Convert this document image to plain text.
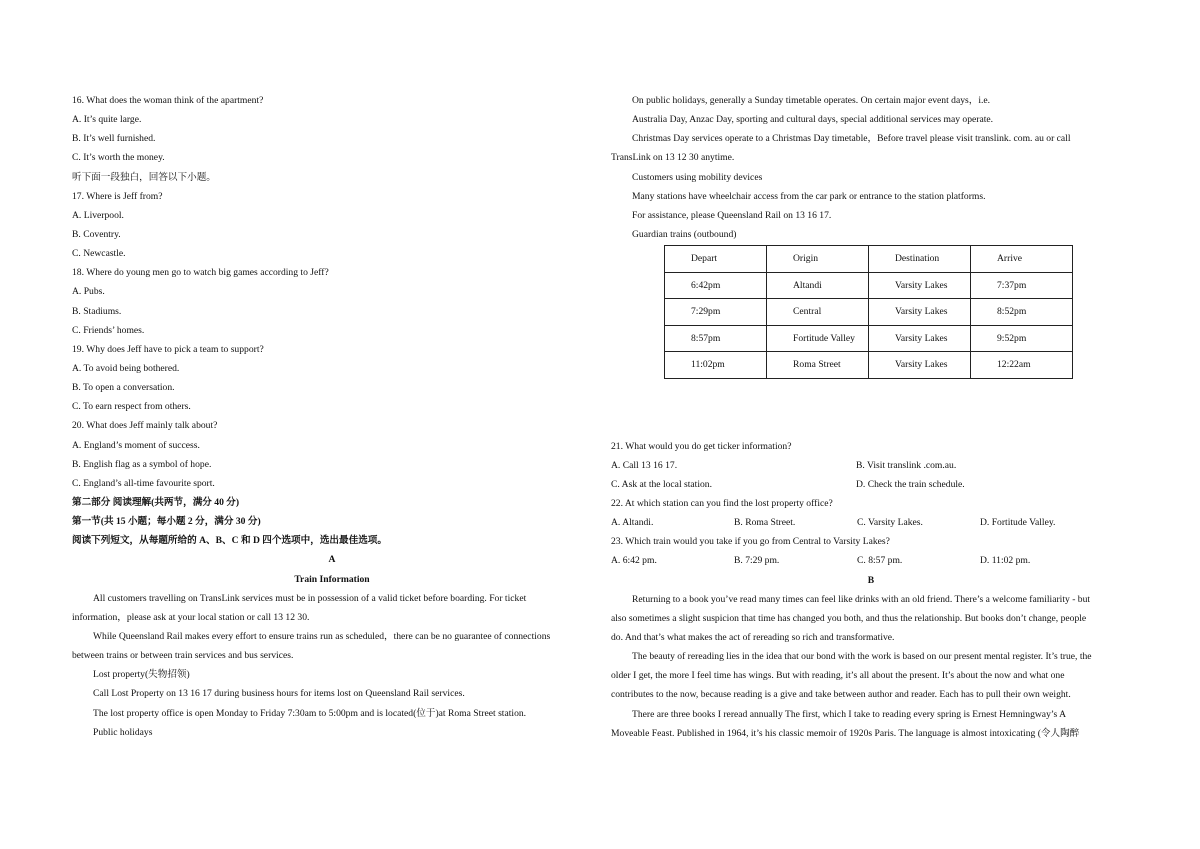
16. What does the woman think of the apartment?
A. It’s quite large.
B. It’s well furnished.
C. It’s worth the money.
听下面一段独白，回答以下小题。
17. Where is Jeff from?
A. Liverpool.
B. Coventry.
C. Newcastle.
18. Where do young men go to watch big games according to Jeff?
A. Pubs.
B. Stadiums.
C. Friends’ homes.
19. Why does Jeff have to pick a team to support?
A. To avoid being bothered.
B. To open a conversation.
C. To earn respect from others.
20. What does Jeff mainly talk about?
A. England’s moment of success.
B. English flag as a symbol of hope.
C. England’s all-time favourite sport.
第二部分 阅读理解(共两节，满分 40 分)
第一节(共 15 小题；每小题 2 分，满分 30 分)
阅读下列短文，从每题所给的 A、B、C 和 D 四个选项中，选出最佳选项。
A
Train Information
All customers travelling on TransLink services must be in possession of a valid ticket before boarding. For ticket
information，please ask at your local station or call 13 12 30.
While Queensland Rail makes every effort to ensure trains run as scheduled，there can be no guarantee of connections
between trains or between train services and bus services.
Lost property(失物招领)
Call Lost Property on 13 16 17 during business hours for items lost on Queensland Rail services.
The lost property office is open Monday to Friday 7:30am to 5:00pm and is located(位于)at Roma Street station.
Public holidays
On public holidays, generally a Sunday timetable operates. On certain major event days，i.e.
Australia Day, Anzac Day, sporting and cultural days, special additional services may operate.
Christmas Day services operate to a Christmas Day timetable，Before travel please visit translink. com. au or call
TransLink on 13 12 30 anytime.
Customers using mobility devices
Many stations have wheelchair access from the car park or entrance to the station platforms.
For assistance, please Queensland Rail on 13 16 17.
Guardian trains (outbound)
Depart	Origin	Destination	Arrive
6:42pm	Altandi	Varsity Lakes	7:37pm
7:29pm	Central	Varsity Lakes	8:52pm
8:57pm	Fortitude Valley	Varsity Lakes	9:52pm
11:02pm	Roma Street	Varsity Lakes	12:22am
21. What would you do get ticker information?
A. Call 13 16 17.	B. Visit translink .com.au.
C. Ask at the local station.	D. Check the train schedule.
22. At which station can you find the lost property office?
A. Altandi.	B. Roma Street.	C. Varsity Lakes.	D. Fortitude Valley.
23. Which train would you take if you go from Central to Varsity Lakes?
A. 6:42 pm.	B. 7:29 pm.	C. 8:57 pm.	D. 11:02 pm.
B
Returning to a book you’ve read many times can feel like drinks with an old friend. There’s a welcome familiarity - but
also sometimes a slight suspicion that time has changed you both, and thus the relationship. But books don’t change, people
do. And that’s what makes the act of rereading so rich and transformative.
The beauty of rereading lies in the idea that our bond with the work is based on our present mental register. It’s true, the
older I get, the more I feel time has wings. But with reading, it’s all about the present. It’s about the now and what one
contributes to the now, because reading is a give and take between author and reader. Each has to pull their own weight.
There are three books I reread annually The first, which I take to reading every spring is Ernest Hemningway’s A
Moveable Feast. Published in 1964, it’s his classic memoir of 1920s Paris. The language is almost intoxicating (令人陶醉
